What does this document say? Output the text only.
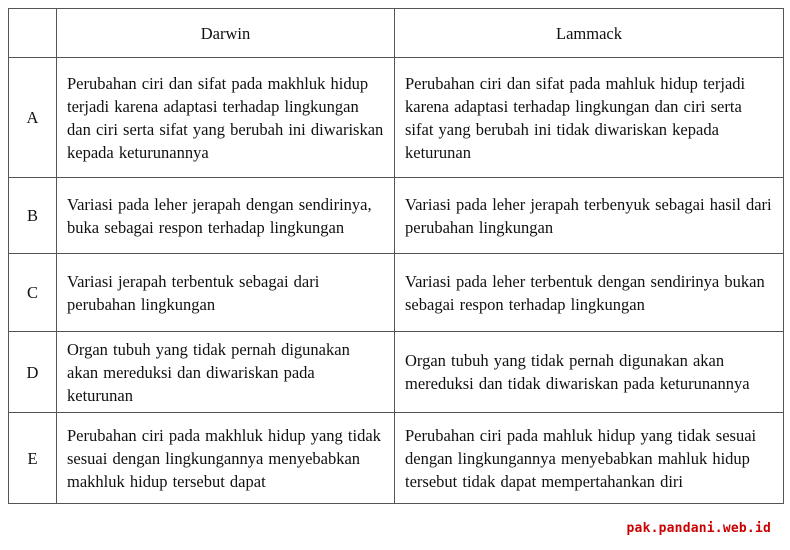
	Darwin	Lammack
A	Perubahan ciri dan sifat pada makhluk hidup terjadi karena adaptasi terhadap lingkungan dan ciri serta sifat yang berubah ini diwariskan kepada keturunannya	Perubahan ciri dan sifat pada mahluk hidup terjadi karena adaptasi terhadap lingkungan dan ciri serta sifat yang berubah ini tidak diwariskan kepada keturunan
B	Variasi pada leher jerapah dengan sendirinya, buka sebagai respon terhadap lingkungan	Variasi pada leher jerapah terbenyuk sebagai hasil dari perubahan lingkungan
C	Variasi jerapah terbentuk sebagai dari perubahan lingkungan	Variasi pada leher terbentuk dengan sendirinya bukan sebagai respon terhadap lingkungan
D	Organ tubuh yang tidak pernah digunakan akan mereduksi dan diwariskan pada keturunan	Organ tubuh yang tidak pernah digunakan akan mereduksi dan tidak diwariskan pada keturunannya
E	Perubahan ciri pada makhluk hidup yang tidak sesuai dengan lingkungannya menyebabkan makhluk hidup tersebut dapat	Perubahan ciri pada mahluk hidup yang tidak sesuai dengan lingkungannya menyebabkan mahluk hidup tersebut tidak dapat mempertahankan diri
pak.pandani.web.id
